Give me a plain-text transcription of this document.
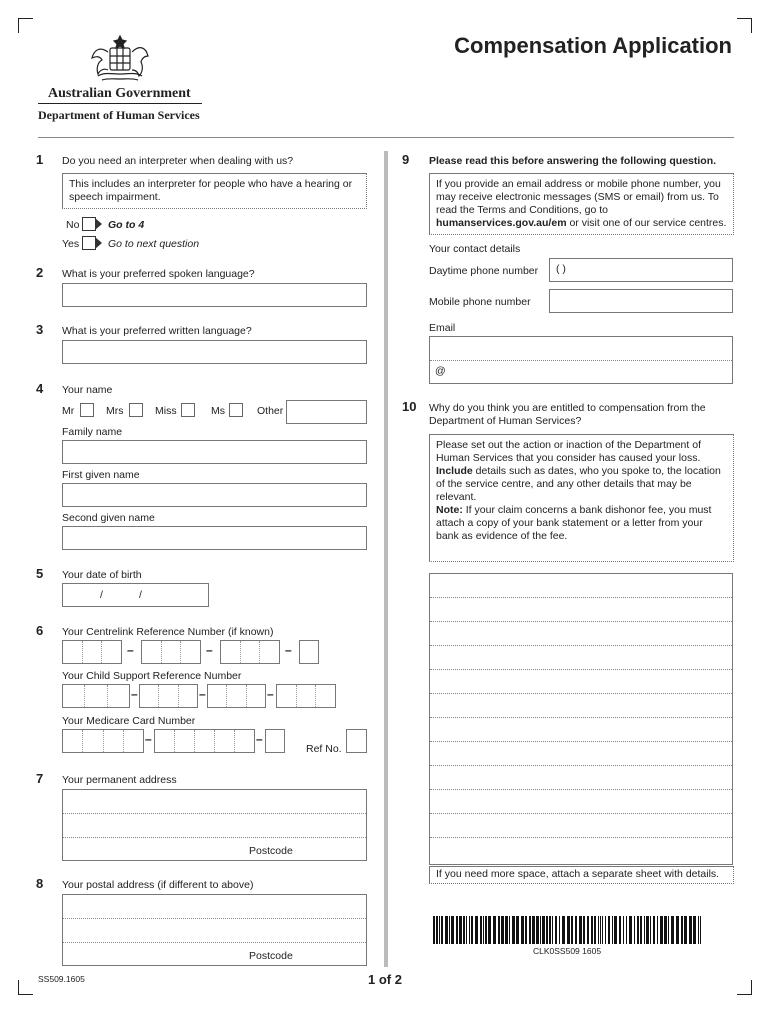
Australian Government
Department of Human Services
Compensation Application
1 Do you need an interpreter when dealing with us?
This includes an interpreter for people who have a hearing or speech impairment.
No	Go to 4
Yes	Go to next question
2 What is your preferred spoken language?
3 What is your preferred written language?
4 Your name
Mr	Mrs	Miss	Ms	Other
Family name
First given name
Second given name
5 Your date of birth
/	/
6 Your Centrelink Reference Number (if known)
–	–	–
Your Child Support Reference Number
–	–	–
Your Medicare Card Number
–	–
Ref No.
7 Your permanent address
Postcode
8 Your postal address (if different to above)
Postcode
9 Please read this before answering the following question.
If you provide an email address or mobile phone number, you may receive electronic messages (SMS or email) from us. To read the Terms and Conditions, go to humanservices.gov.au/em or visit one of our service centres.
Your contact details
Daytime phone number ( )
Mobile phone number
Email
@
10 Why do you think you are entitled to compensation from the Department of Human Services?
Please set out the action or inaction of the Department of Human Services that you consider has caused your loss.
Include details such as dates, who you spoke to, the location of the service centre, and any other details that may be relevant.
Note: If your claim concerns a bank dishonor fee, you must attach a copy of your bank statement or a letter from your bank as evidence of the fee.
If you need more space, attach a separate sheet with details.
CLK0SS509 1605
SS509.1605	1 of 2
